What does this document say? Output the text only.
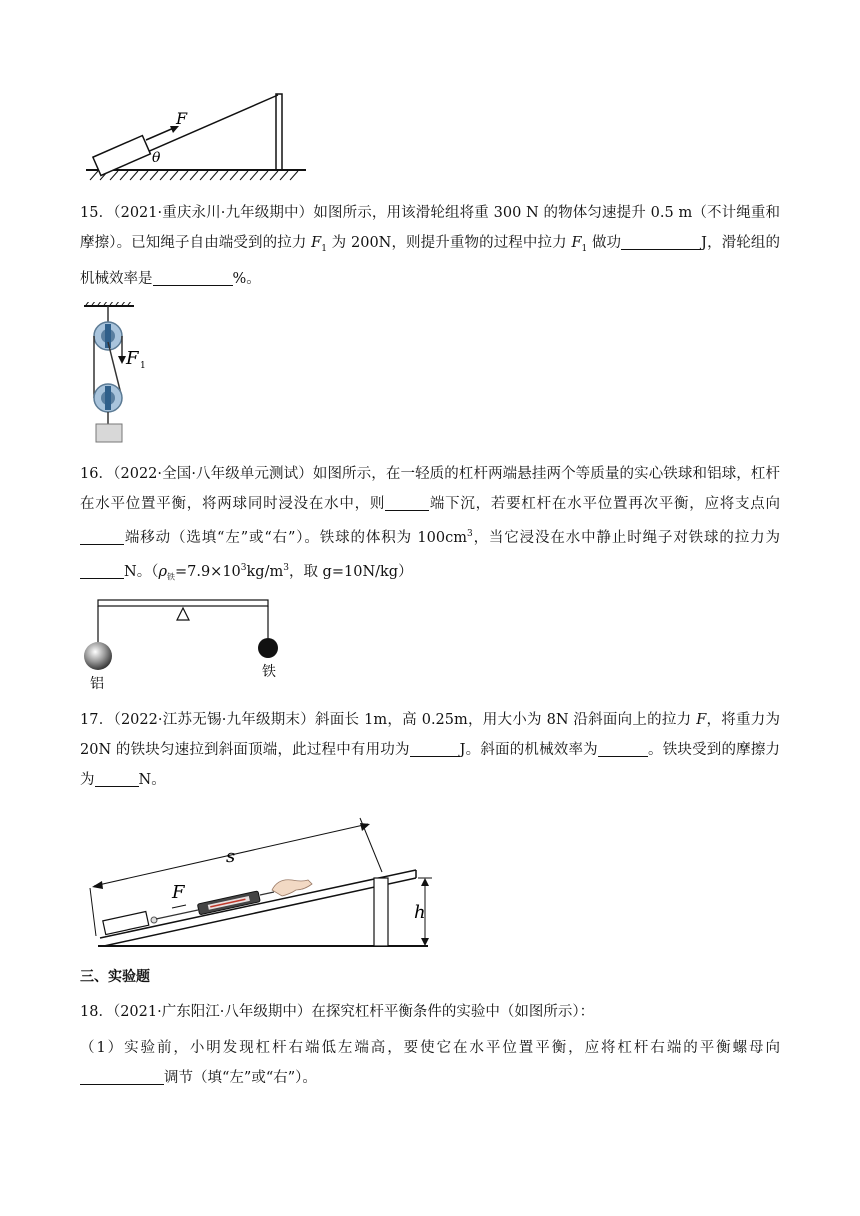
F
θ

15．（2021·重庆永川·九年级期中）如图所示，用该滑轮组将重 300 N 的物体匀速提升 0.5 m（不计绳重和摩擦）。已知绳子自由端受到的拉力 $F_1$ 为 200N，则提升重物的过程中拉力 $F_1$ 做功	J，滑轮组的机械效率是	%。

F 1

16．（2022·全国·八年级单元测试）如图所示，在一轻质的杠杆两端悬挂两个等质量的实心铁球和铝球，杠杆在水平位置平衡，将两球同时浸没在水中，则	端下沉，若要杠杆在水平位置再次平衡，应将支点向端移动（选填“左”或“右”）。铁球的体积为 $100cm^3$，当它浸没在水中静止时绳子对铁球的拉力为N。（$\rho_铁=7.9\times 10^3kg/m^3$，取 g=10N/kg）

铝
铁

17．（2022·江苏无锡·九年级期末）斜面长 1m，高 0.25m，用大小为 8N 沿斜面向上的拉力 F，将重力为 20N 的铁块匀速拉到斜面顶端，此过程中有用功为	J。斜面的机械效率为	。铁块受到的摩擦力为	N。

h
s
F
三、实验题

18．（2021·广东阳江·八年级期中）在探究杠杆平衡条件的实验中（如图所示）：

（1）实验前，小明发现杠杆右端低左端高，要使它在水平位置平衡，应将杠杆右端的平衡螺母向调节（填“左”或“右”）。
